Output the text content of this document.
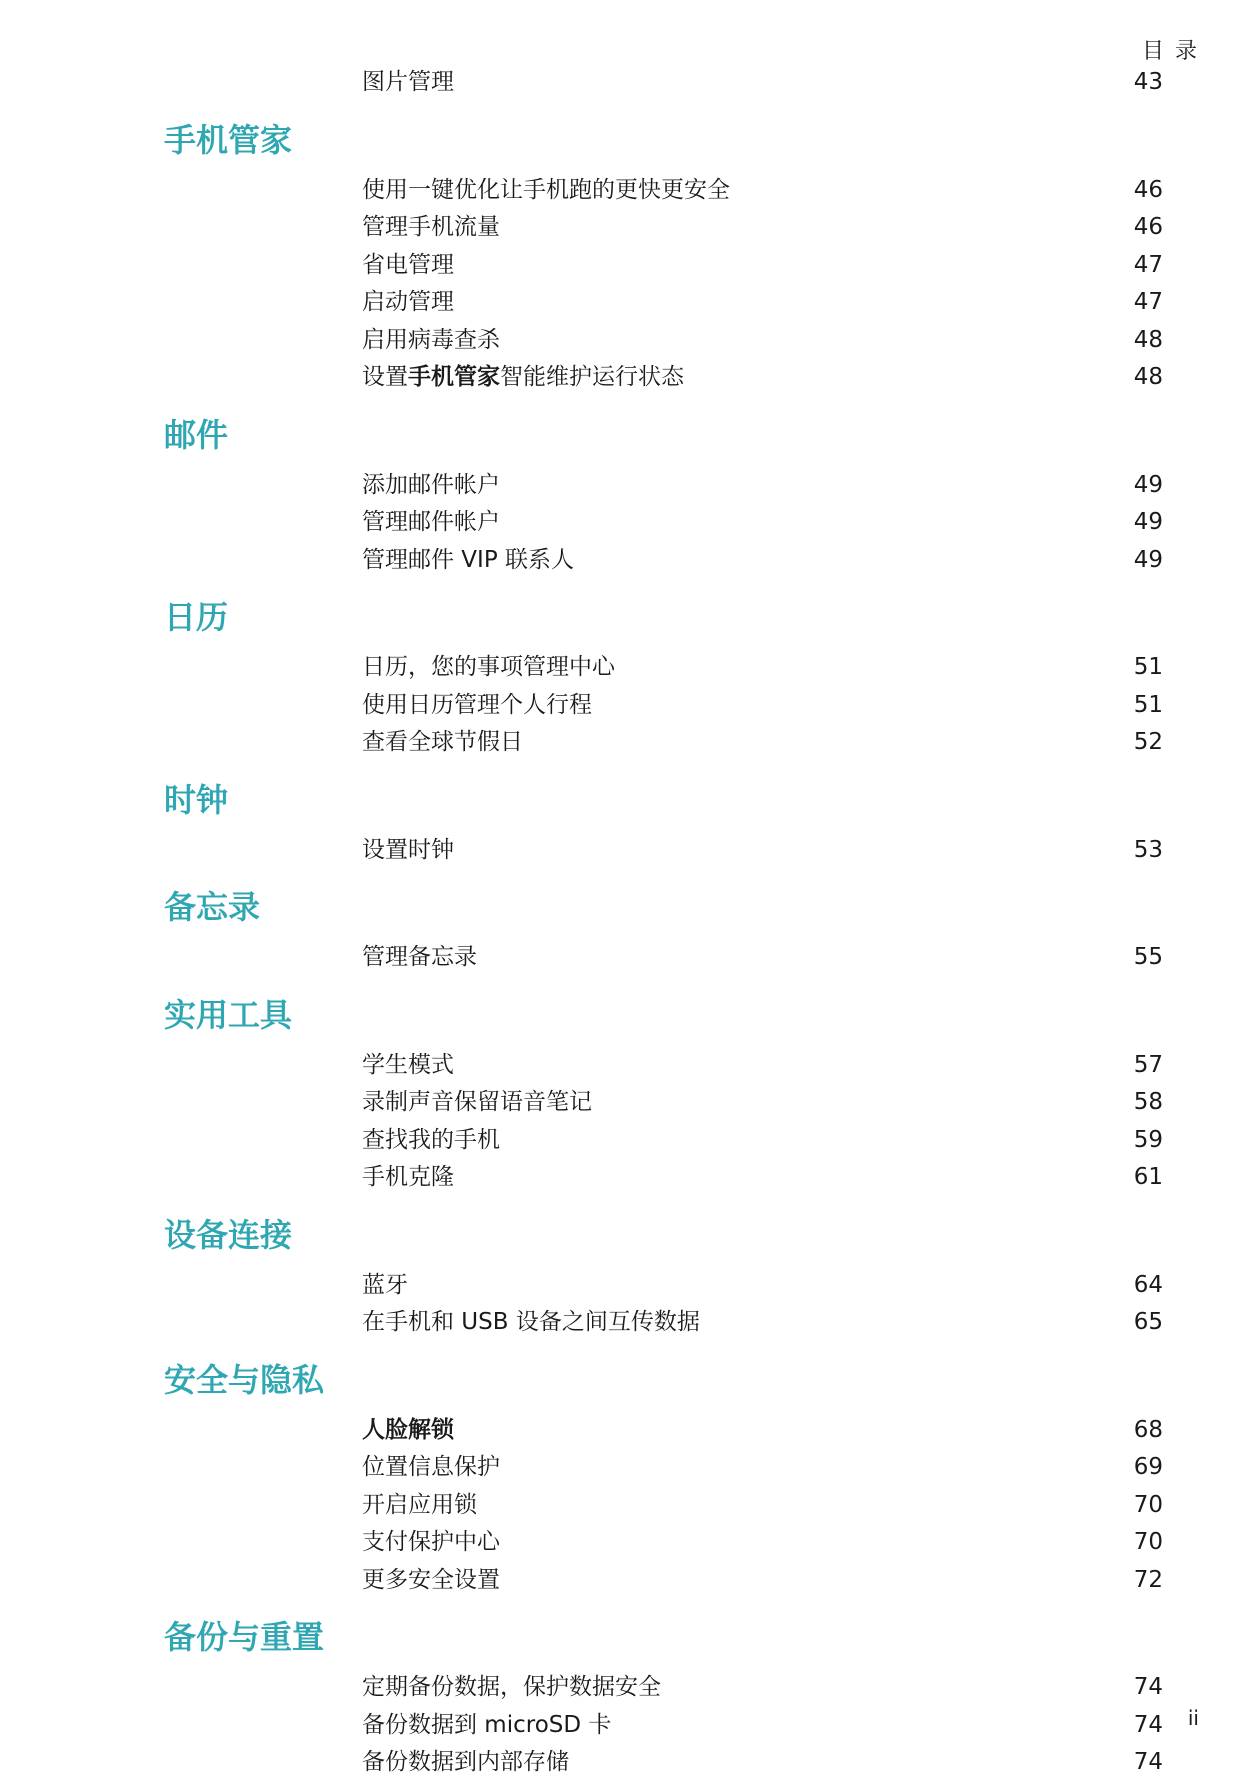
目 录
图片管理	43
手机管家
使用一键优化让手机跑的更快更安全	46
管理手机流量	46
省电管理	47
启动管理	47
启用病毒查杀	48
设置手机管家智能维护运行状态	48
邮件
添加邮件帐户	49
管理邮件帐户	49
管理邮件 VIP 联系人	49
日历
日历，您的事项管理中心	51
使用日历管理个人行程	51
查看全球节假日	52
时钟
设置时钟	53
备忘录
管理备忘录	55
实用工具
学生模式	57
录制声音保留语音笔记	58
查找我的手机	59
手机克隆	61
设备连接
蓝牙	64
在手机和 USB 设备之间互传数据	65
安全与隐私
人脸解锁	68
位置信息保护	69
开启应用锁	70
支付保护中心	70
更多安全设置	72
备份与重置
定期备份数据，保护数据安全	74
备份数据到 microSD 卡	74
备份数据到内部存储	74
ii
